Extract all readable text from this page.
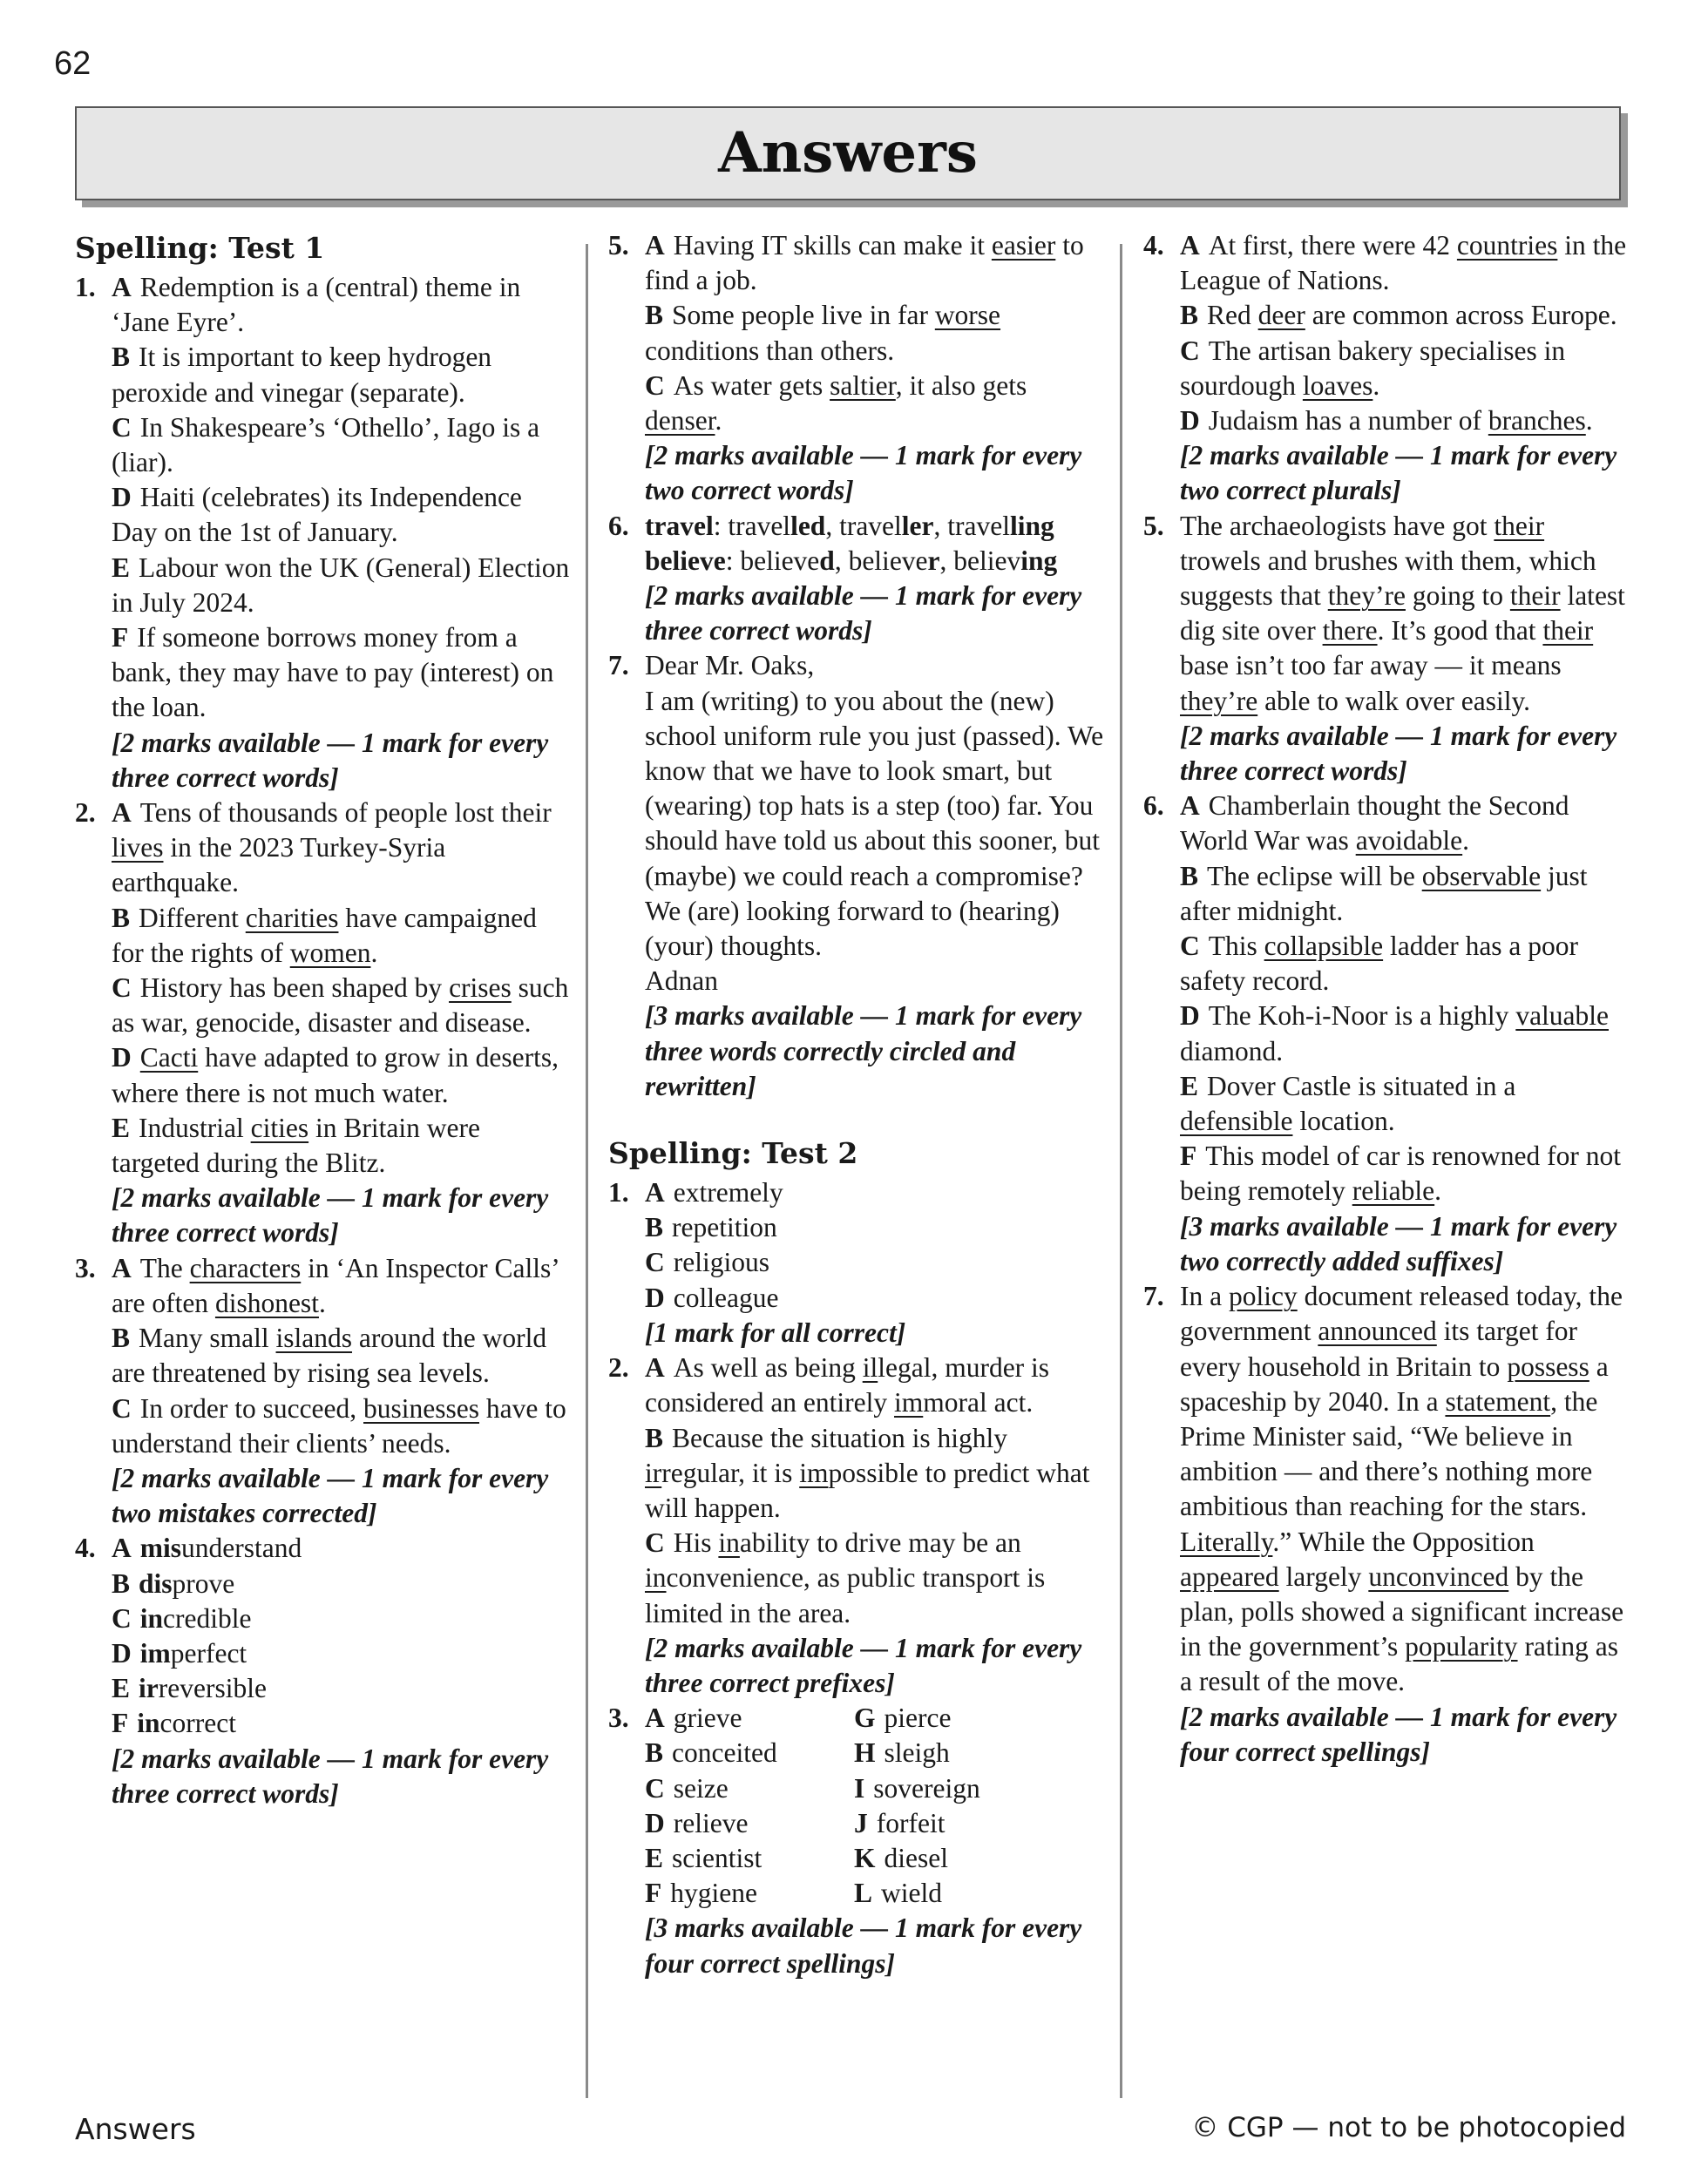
62
Answers
Spelling: Test 1
1. A Redemption is a (central) theme in ‘Jane Eyre’.
B It is important to keep hydrogen peroxide and vinegar (separate).
C In Shakespeare’s ‘Othello’, Iago is a (liar).
D Haiti (celebrates) its Independence Day on the 1st of January.
E Labour won the UK (General) Election in July 2024.
F If someone borrows money from a bank, they may have to pay (interest) on the loan.
[2 marks available — 1 mark for every three correct words]
2. A Tens of thousands of people lost their lives in the 2023 Turkey-Syria earthquake.
B Different charities have campaigned for the rights of women.
C History has been shaped by crises such as war, genocide, disaster and disease.
D Cacti have adapted to grow in deserts, where there is not much water.
E Industrial cities in Britain were targeted during the Blitz.
[2 marks available — 1 mark for every three correct words]
3. A The characters in ‘An Inspector Calls’ are often dishonest.
B Many small islands around the world are threatened by rising sea levels.
C In order to succeed, businesses have to understand their clients’ needs.
[2 marks available — 1 mark for every two mistakes corrected]
4. A misunderstand
B disprove
C incredible
D imperfect
E irreversible
F incorrect
[2 marks available — 1 mark for every three correct words]
5. A Having IT skills can make it easier to find a job.
B Some people live in far worse conditions than others.
C As water gets saltier, it also gets denser.
[2 marks available — 1 mark for every two correct words]
6. travel: travelled, traveller, travelling
believe: believed, believer, believing
[2 marks available — 1 mark for every three correct words]
7. Dear Mr. Oaks,
I am (writing) to you about the (new) school uniform rule you just (passed). We know that we have to look smart, but (wearing) top hats is a step (too) far. You should have told us about this sooner, but (maybe) we could reach a compromise?
We (are) looking forward to (hearing) (your) thoughts.
Adnan
[3 marks available — 1 mark for every three words correctly circled and rewritten]
Spelling: Test 2
1. A extremely
B repetition
C religious
D colleague
[1 mark for all correct]
2. A As well as being illegal, murder is considered an entirely immoral act.
B Because the situation is highly irregular, it is impossible to predict what will happen.
C His inability to drive may be an inconvenience, as public transport is limited in the area.
[2 marks available — 1 mark for every three correct prefixes]
3. A grieve
B conceited
C seize
D relieve
E scientist
F hygiene
G pierce
H sleigh
I sovereign
J forfeit
K diesel
L wield
[3 marks available — 1 mark for every four correct spellings]
4. A At first, there were 42 countries in the League of Nations.
B Red deer are common across Europe.
C The artisan bakery specialises in sourdough loaves.
D Judaism has a number of branches.
[2 marks available — 1 mark for every two correct plurals]
5. The archaeologists have got their trowels and brushes with them, which suggests that they’re going to their latest dig site over there. It’s good that their base isn’t too far away — it means they’re able to walk over easily.
[2 marks available — 1 mark for every three correct words]
6. A Chamberlain thought the Second World War was avoidable.
B The eclipse will be observable just after midnight.
C This collapsible ladder has a poor safety record.
D The Koh-i-Noor is a highly valuable diamond.
E Dover Castle is situated in a defensible location.
F This model of car is renowned for not being remotely reliable.
[3 marks available — 1 mark for every two correctly added suffixes]
7. In a policy document released today, the government announced its target for every household in Britain to possess a spaceship by 2040. In a statement, the Prime Minister said, “We believe in ambition — and there’s nothing more ambitious than reaching for the stars. Literally.” While the Opposition appeared largely unconvinced by the plan, polls showed a significant increase in the government’s popularity rating as a result of the move.
[2 marks available — 1 mark for every four correct spellings]
Answers	© CGP — not to be photocopied
